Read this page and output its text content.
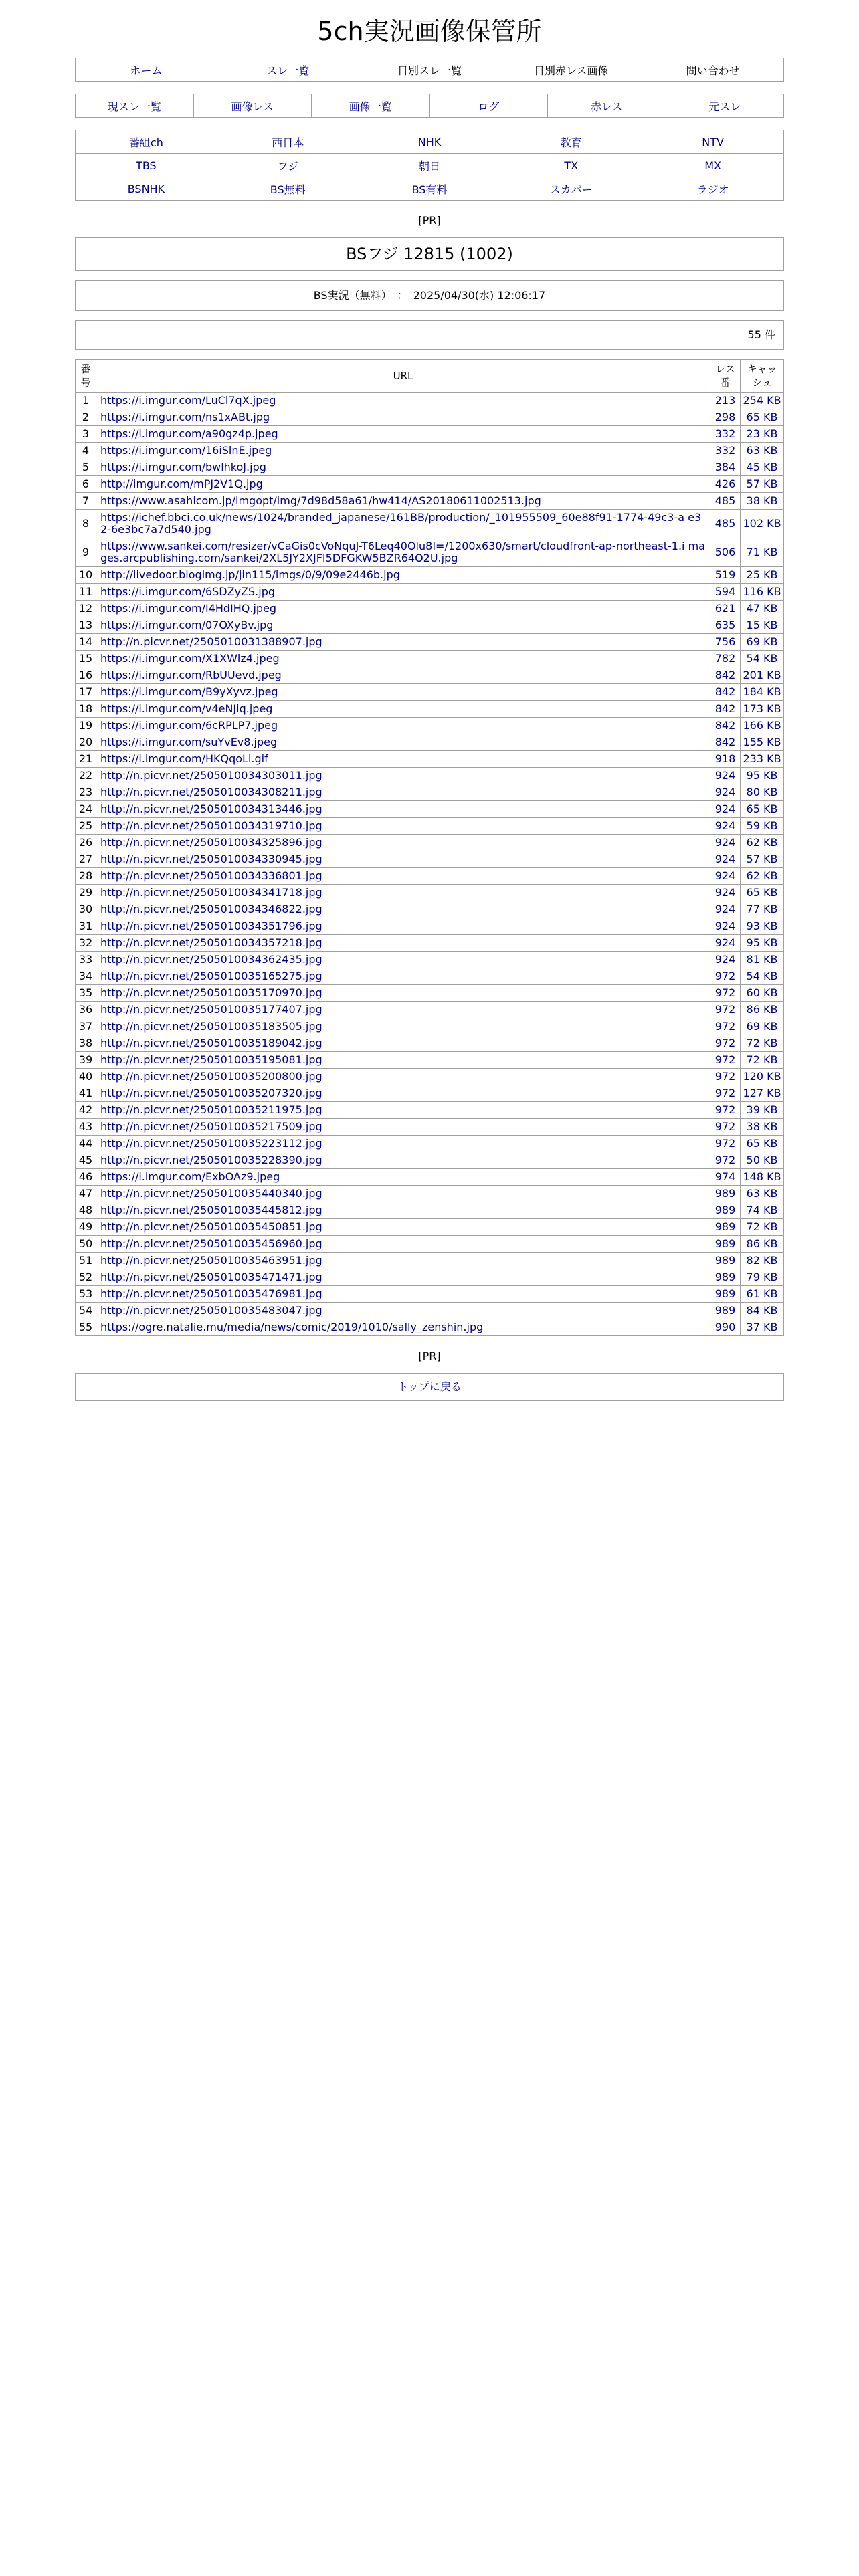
5ch実況画像保管所
ホーム	スレ一覧	日別スレ一覧	日別赤レス画像	問い合わせ
現スレ一覧	画像レス	画像一覧	ログ	赤レス	元スレ
番組ch	西日本	NHK	教育	NTV
TBS	フジ	朝日	TX	MX
BSNHK	BS無料	BS有料	スカパー	ラジオ
[PR]
BSフジ 12815 (1002)
BS実況（無料）　：　2025/04/30(水) 12:06:17
55 件
番号	URL	レス番	キャッシュ
1	https://i.imgur.com/LuCl7qX.jpeg	213	254 KB
2	https://i.imgur.com/ns1xABt.jpg	298	65 KB
3	https://i.imgur.com/a90gz4p.jpeg	332	23 KB
4	https://i.imgur.com/16iSlnE.jpeg	332	63 KB
5	https://i.imgur.com/bwlhkoJ.jpg	384	45 KB
6	http://imgur.com/mPJ2V1Q.jpg	426	57 KB
7	https://www.asahicom.jp/imgopt/img/7d98d58a61/hw414/AS20180611002513.jpg	485	38 KB
8	https://ichef.bbci.co.uk/news/1024/branded_japanese/161BB/production/_101955509_60e88f91-1774-49c3-a e32-6e3bc7a7d540.jpg	485	102 KB
9	https://www.sankei.com/resizer/vCaGis0cVoNquJ-T6Leq40Olu8I=/1200x630/smart/cloudfront-ap-northeast-1.i mages.arcpublishing.com/sankei/2XL5JY2XJFI5DFGKW5BZR64O2U.jpg	506	71 KB
10	http://livedoor.blogimg.jp/jin115/imgs/0/9/09e2446b.jpg	519	25 KB
11	https://i.imgur.com/6SDZyZS.jpg	594	116 KB
12	https://i.imgur.com/I4HdIHQ.jpeg	621	47 KB
13	https://i.imgur.com/07OXyBv.jpg	635	15 KB
14	http://n.picvr.net/2505010031388907.jpg	756	69 KB
15	https://i.imgur.com/X1XWlz4.jpeg	782	54 KB
16	https://i.imgur.com/RbUUevd.jpeg	842	201 KB
17	https://i.imgur.com/B9yXyvz.jpeg	842	184 KB
18	https://i.imgur.com/v4eNJiq.jpeg	842	173 KB
19	https://i.imgur.com/6cRPLP7.jpeg	842	166 KB
20	https://i.imgur.com/suYvEv8.jpeg	842	155 KB
21	https://i.imgur.com/HKQqoLl.gif	918	233 KB
22	http://n.picvr.net/2505010034303011.jpg	924	95 KB
23	http://n.picvr.net/2505010034308211.jpg	924	80 KB
24	http://n.picvr.net/2505010034313446.jpg	924	65 KB
25	http://n.picvr.net/2505010034319710.jpg	924	59 KB
26	http://n.picvr.net/2505010034325896.jpg	924	62 KB
27	http://n.picvr.net/2505010034330945.jpg	924	57 KB
28	http://n.picvr.net/2505010034336801.jpg	924	62 KB
29	http://n.picvr.net/2505010034341718.jpg	924	65 KB
30	http://n.picvr.net/2505010034346822.jpg	924	77 KB
31	http://n.picvr.net/2505010034351796.jpg	924	93 KB
32	http://n.picvr.net/2505010034357218.jpg	924	95 KB
33	http://n.picvr.net/2505010034362435.jpg	924	81 KB
34	http://n.picvr.net/2505010035165275.jpg	972	54 KB
35	http://n.picvr.net/2505010035170970.jpg	972	60 KB
36	http://n.picvr.net/2505010035177407.jpg	972	86 KB
37	http://n.picvr.net/2505010035183505.jpg	972	69 KB
38	http://n.picvr.net/2505010035189042.jpg	972	72 KB
39	http://n.picvr.net/2505010035195081.jpg	972	72 KB
40	http://n.picvr.net/2505010035200800.jpg	972	120 KB
41	http://n.picvr.net/2505010035207320.jpg	972	127 KB
42	http://n.picvr.net/2505010035211975.jpg	972	39 KB
43	http://n.picvr.net/2505010035217509.jpg	972	38 KB
44	http://n.picvr.net/2505010035223112.jpg	972	65 KB
45	http://n.picvr.net/2505010035228390.jpg	972	50 KB
46	https://i.imgur.com/ExbOAz9.jpeg	974	148 KB
47	http://n.picvr.net/2505010035440340.jpg	989	63 KB
48	http://n.picvr.net/2505010035445812.jpg	989	74 KB
49	http://n.picvr.net/2505010035450851.jpg	989	72 KB
50	http://n.picvr.net/2505010035456960.jpg	989	86 KB
51	http://n.picvr.net/2505010035463951.jpg	989	82 KB
52	http://n.picvr.net/2505010035471471.jpg	989	79 KB
53	http://n.picvr.net/2505010035476981.jpg	989	61 KB
54	http://n.picvr.net/2505010035483047.jpg	989	84 KB
55	https://ogre.natalie.mu/media/news/comic/2019/1010/sally_zenshin.jpg	990	37 KB
[PR]
トップに戻る
